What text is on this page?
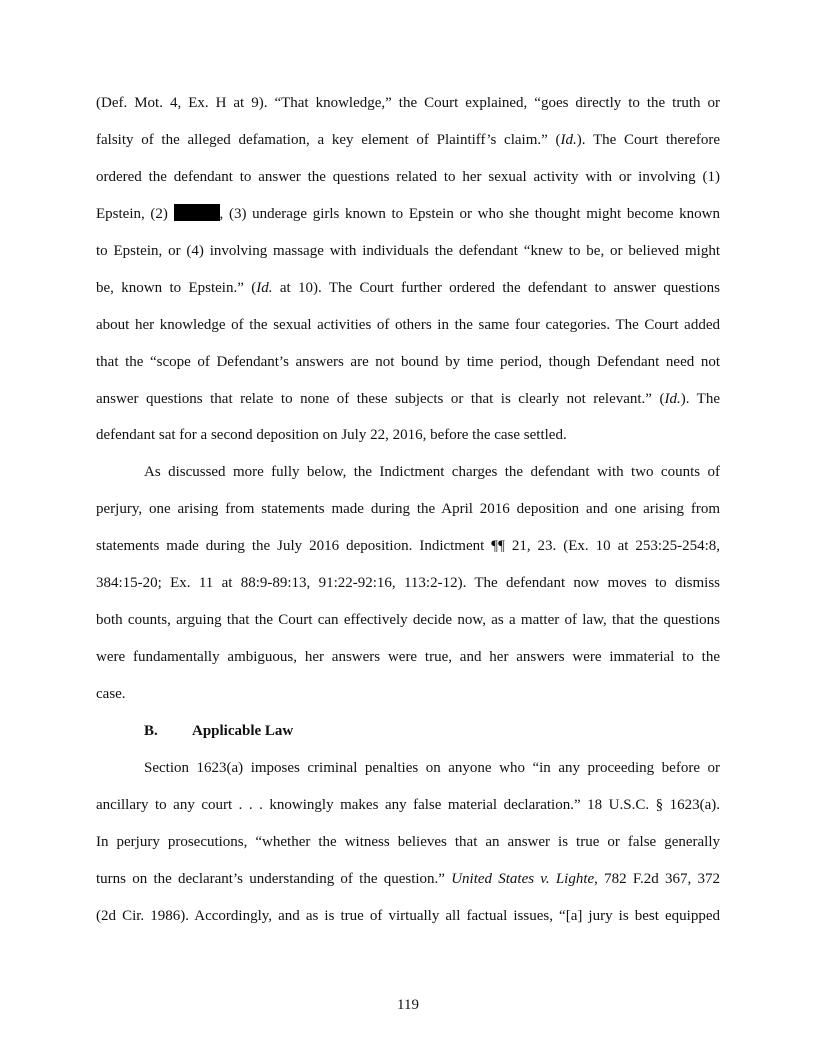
(Def. Mot. 4, Ex. H at 9). “That knowledge,” the Court explained, “goes directly to the truth or
falsity of the alleged defamation, a key element of Plaintiff’s claim.” (Id.). The Court therefore
ordered the defendant to answer the questions related to her sexual activity with or involving (1)
Epstein, (2)	, (3) underage girls known to Epstein or who she thought might become known
to Epstein, or (4) involving massage with individuals the defendant “knew to be, or believed might
be, known to Epstein.” (Id. at 10). The Court further ordered the defendant to answer questions
about her knowledge of the sexual activities of others in the same four categories. The Court added
that the “scope of Defendant’s answers are not bound by time period, though Defendant need not
answer questions that relate to none of these subjects or that is clearly not relevant.” (Id.). The
defendant sat for a second deposition on July 22, 2016, before the case settled.
As discussed more fully below, the Indictment charges the defendant with two counts of
perjury, one arising from statements made during the April 2016 deposition and one arising from
statements made during the July 2016 deposition. Indictment ¶¶ 21, 23. (Ex. 10 at 253:25-254:8,
384:15-20; Ex. 11 at 88:9-89:13, 91:22-92:16, 113:2-12). The defendant now moves to dismiss
both counts, arguing that the Court can effectively decide now, as a matter of law, that the questions
were fundamentally ambiguous, her answers were true, and her answers were immaterial to the
case.
B. Applicable Law
Section 1623(a) imposes criminal penalties on anyone who “in any proceeding before or
ancillary to any court . . . knowingly makes any false material declaration.” 18 U.S.C. § 1623(a).
In perjury prosecutions, “whether the witness believes that an answer is true or false generally
turns on the declarant’s understanding of the question.” United States v. Lighte, 782 F.2d 367, 372
(2d Cir. 1986). Accordingly, and as is true of virtually all factual issues, “[a] jury is best equipped
119
